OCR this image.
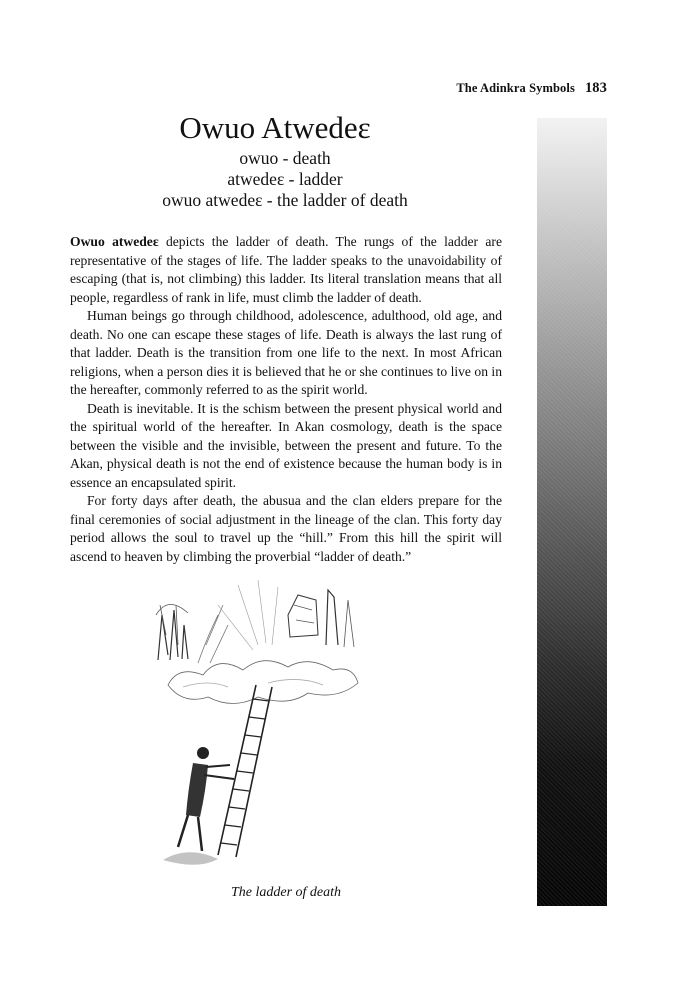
The Adinkra Symbols 183
Owuo Atwedeɛ
owuo - death
atwedeɛ - ladder
owuo atwedeɛ - the ladder of death

Owuo atwedeɛ depicts the ladder of death. The rungs of the ladder are representative of the stages of life. The ladder speaks to the unavoidability of escaping (that is, not climbing) this ladder. Its literal translation means that all people, regardless of rank in life, must climb the ladder of death.

Human beings go through childhood, adolescence, adulthood, old age, and death. No one can escape these stages of life. Death is always the last rung of that ladder. Death is the transition from one life to the next. In most African religions, when a person dies it is believed that he or she continues to live on in the hereafter, commonly referred to as the spirit world.

Death is inevitable. It is the schism between the present physical world and the spiritual world of the hereafter. In Akan cosmology, death is the space between the visible and the invisible, between the present and future. To the Akan, physical death is not the end of existence because the human body is in essence an encapsulated spirit.

For forty days after death, the abusua and the clan elders prepare for the final ceremonies of social adjustment in the lineage of the clan. This forty day period allows the soul to travel up the “hill.” From this hill the spirit will ascend to heaven by climbing the proverbial “ladder of death.”

The ladder of death
